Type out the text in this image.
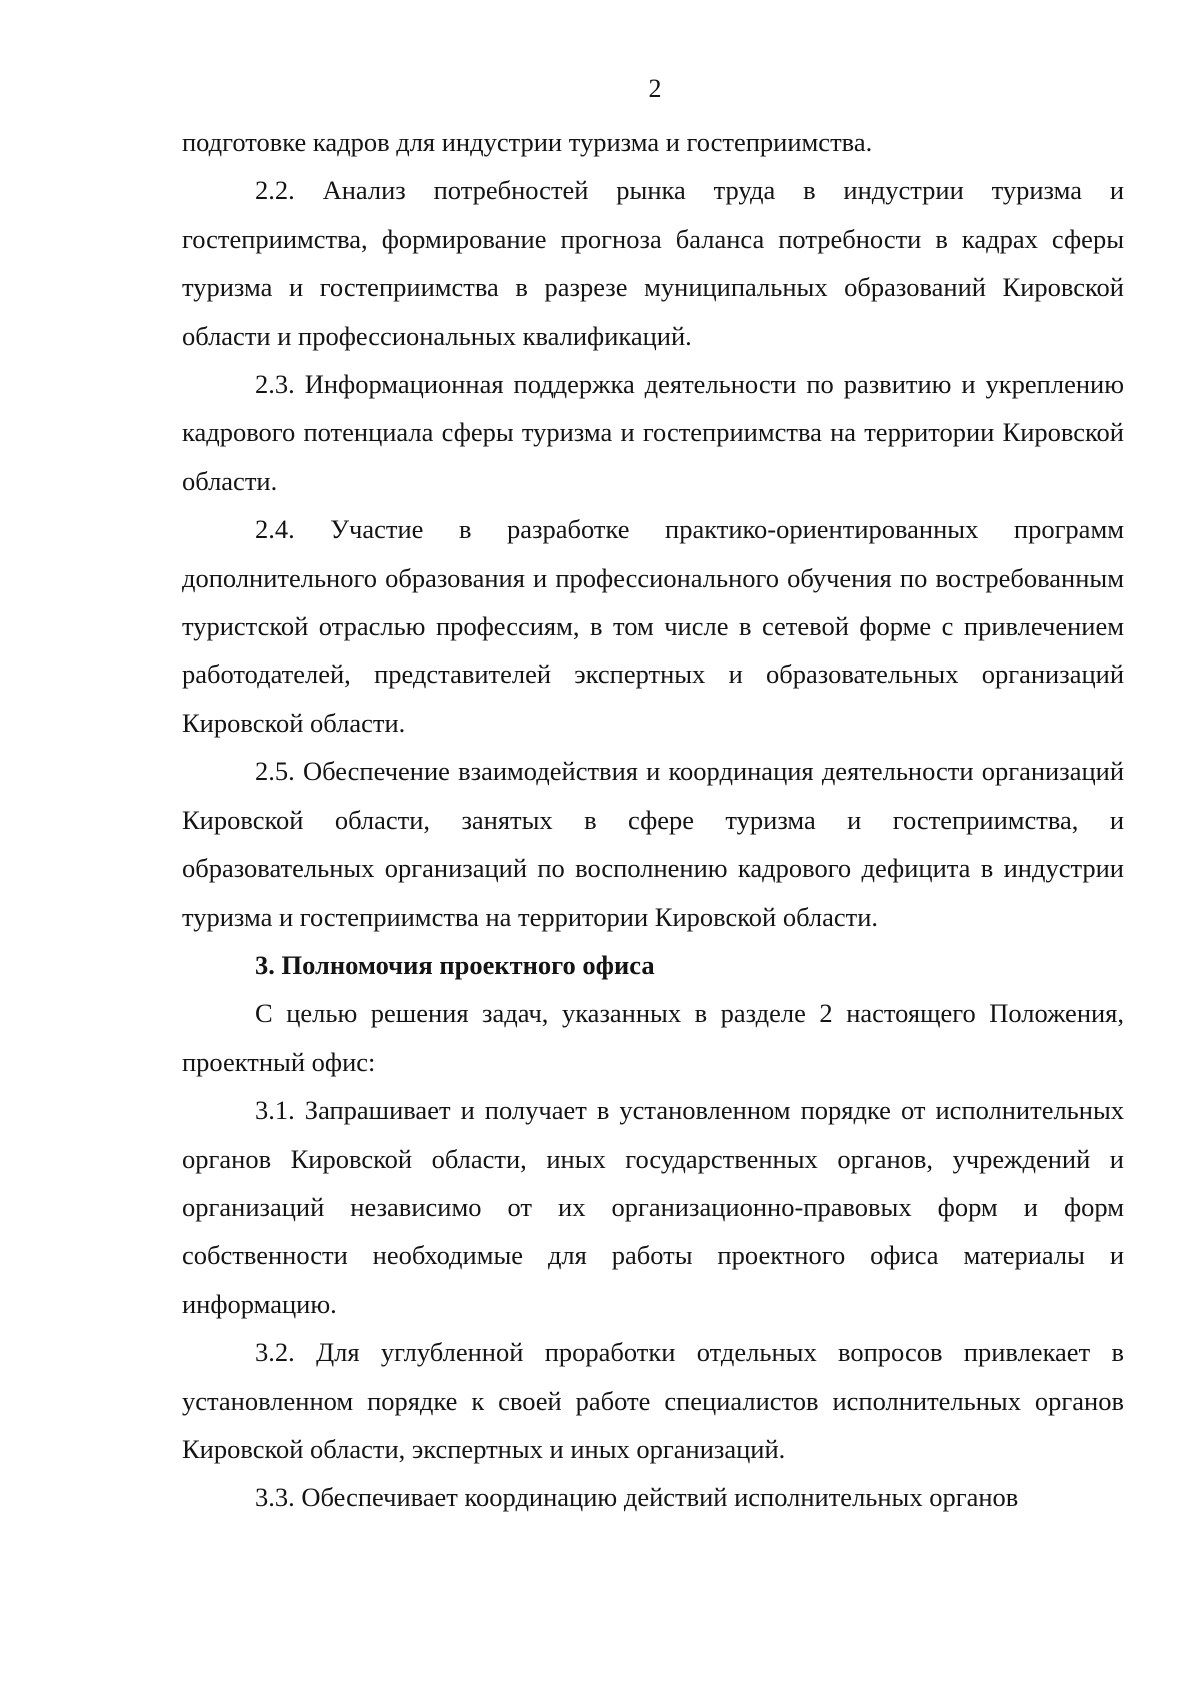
2

подготовке кадров для индустрии туризма и гостеприимства.

2.2. Анализ потребностей рынка труда в индустрии туризма и гостеприимства, формирование прогноза баланса потребности в кадрах сферы туризма и гостеприимства в разрезе муниципальных образований Кировской области и профессиональных квалификаций.

2.3. Информационная поддержка деятельности по развитию и укреплению кадрового потенциала сферы туризма и гостеприимства на территории Кировской области.

2.4. Участие в разработке практико-ориентированных программ дополнительного образования и профессионального обучения по востребованным туристской отраслью профессиям, в том числе в сетевой форме с привлечением работодателей, представителей экспертных и образовательных организаций Кировской области.

2.5. Обеспечение взаимодействия и координация деятельности организаций Кировской области, занятых в сфере туризма и гостеприимства, и образовательных организаций по восполнению кадрового дефицита в индустрии туризма и гостеприимства на территории Кировской области.

3. Полномочия проектного офиса

С целью решения задач, указанных в разделе 2 настоящего Положения, проектный офис:

3.1. Запрашивает и получает в установленном порядке от исполнительных органов Кировской области, иных государственных органов, учреждений и организаций независимо от их организационно-правовых форм и форм собственности необходимые для работы проектного офиса материалы и информацию.

3.2. Для углубленной проработки отдельных вопросов привлекает в установленном порядке к своей работе специалистов исполнительных органов Кировской области, экспертных и иных организаций.

3.3. Обеспечивает координацию действий исполнительных органов
